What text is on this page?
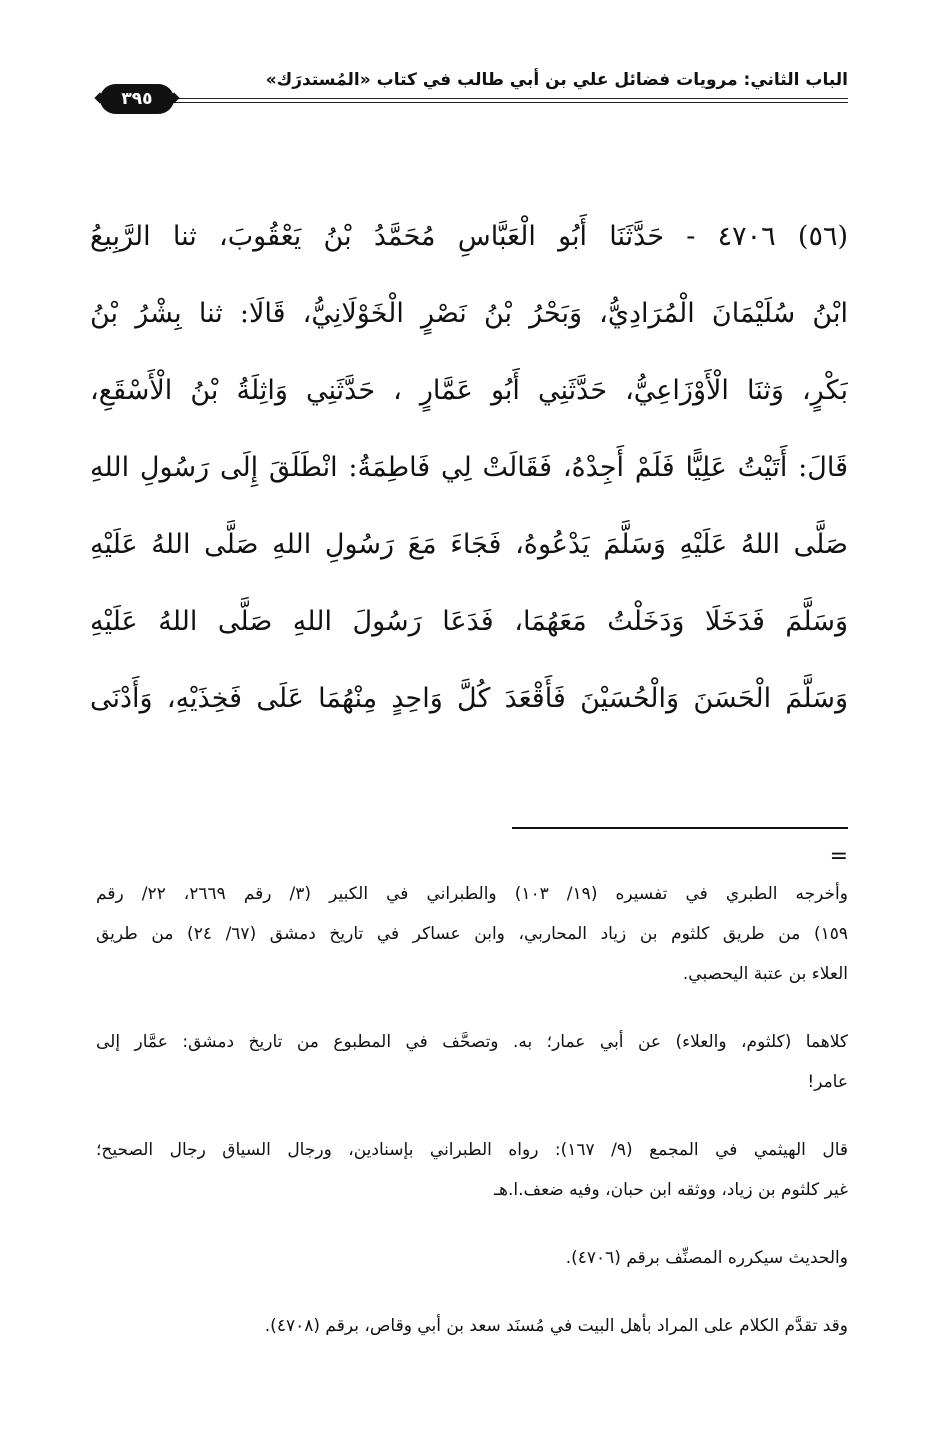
الباب الثاني: مرويات فضائل علي بن أبي طالب في كتاب «المُستدرَك»
٣٩٥
(٥٦) ٤٧٠٦ - حَدَّثَنَا أَبُو الْعَبَّاسِ مُحَمَّدُ بْنُ يَعْقُوبَ، ثنا الرَّبِيعُ
ابْنُ سُلَيْمَانَ الْمُرَادِيُّ، وَبَحْرُ بْنُ نَصْرٍ الْخَوْلَانِيُّ، قَالَا: ثنا بِشْرُ بْنُ
بَكْرٍ، وَثنَا الْأَوْزَاعِيُّ، حَدَّثَنِي أَبُو عَمَّارٍ ، حَدَّثَنِي وَاثِلَةُ بْنُ الْأَسْقَعِ،
قَالَ: أَتَيْتُ عَلِيًّا فَلَمْ أَجِدْهُ، فَقَالَتْ لِي فَاطِمَةُ: انْطَلَقَ إِلَى رَسُولِ اللهِ
صَلَّى اللهُ عَلَيْهِ وَسَلَّمَ يَدْعُوهُ، فَجَاءَ مَعَ رَسُولِ اللهِ صَلَّى اللهُ عَلَيْهِ
وَسَلَّمَ فَدَخَلَا وَدَخَلْتُ مَعَهُمَا، فَدَعَا رَسُولَ اللهِ صَلَّى اللهُ عَلَيْهِ
وَسَلَّمَ الْحَسَنَ وَالْحُسَيْنَ فَأَقْعَدَ كُلَّ وَاحِدٍ مِنْهُمَا عَلَى فَخِذَيْهِ، وَأَدْنَى
=
وأخرجه الطبري في تفسيره (١٩/ ١٠٣) والطبراني في الكبير (٣/ رقم ٢٦٦٩، ٢٢/ رقم
١٥٩) من طريق كلثوم بن زياد المحاربي، وابن عساكر في تاريخ دمشق (٦٧/ ٢٤) من طريق
العلاء بن عتبة اليحصبي.
كلاهما (كلثوم، والعلاء) عن أبي عمار؛ به. وتصحَّف في المطبوع من تاريخ دمشق: عمَّار إلى
عامر!
قال الهيثمي في المجمع (٩/ ١٦٧): رواه الطبراني بإسنادين، ورجال السياق رجال الصحيح؛
غير كلثوم بن زياد، ووثقه ابن حبان، وفيه ضعف.ا.هـ
والحديث سيكرره المصنِّف برقم (٤٧٠٦).
وقد تقدَّم الكلام على المراد بأهل البيت في مُسنَد سعد بن أبي وقاص، برقم (٤٧٠٨).
